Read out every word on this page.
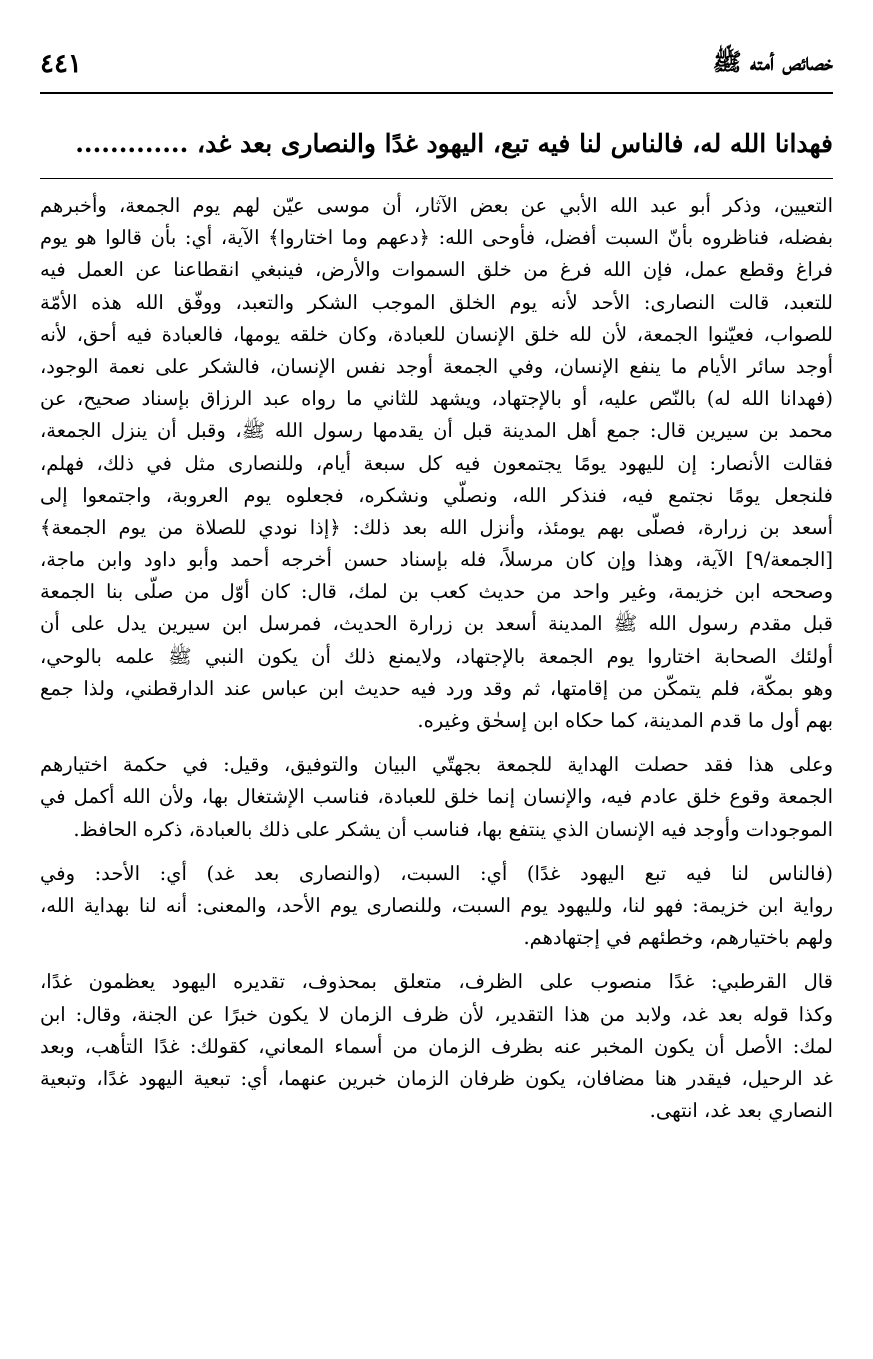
خصائص أمته ﷺ
٤٤١
فهدانا الله له، فالناس لنا فيه تبع، اليهود غدًا والنصارى بعد غد، .............
التعيين، وذكر أبو عبد الله الأبي عن بعض الآثار، أن موسى عيّن لهم يوم الجمعة، وأخبرهم
بفضله، فناظروه بأنّ السبت أفضل، فأوحى الله: ﴿دعهم وما اختاروا﴾ الآية، أي: بأن قالوا هو يوم
فراغ وقطع عمل، فإن الله فرغ من خلق السموات والأرض، فينبغي انقطاعنا عن العمل فيه
للتعبد، قالت النصارى: الأحد لأنه يوم الخلق الموجب الشكر والتعبد، ووفّق الله هذه الأمّة
للصواب، فعيّنوا الجمعة، لأن لله خلق الإنسان للعبادة، وكان خلقه يومها، فالعبادة فيه أحق، لأنه
أوجد سائر الأيام ما ينفع الإنسان، وفي الجمعة أوجد نفس الإنسان، فالشكر على نعمة الوجود،
(فهدانا الله له) بالنّص عليه، أو بالإجتهاد، ويشهد للثاني ما رواه عبد الرزاق بإسناد صحيح، عن
محمد بن سيرين قال: جمع أهل المدينة قبل أن يقدمها رسول الله ﷺ، وقبل أن ينزل الجمعة،
فقالت الأنصار: إن لليهود يومًا يجتمعون فيه كل سبعة أيام، وللنصارى مثل في ذلك، فهلم،
فلنجعل يومًا نجتمع فيه، فنذكر الله، ونصلّي ونشكره، فجعلوه يوم العروبة، واجتمعوا إلى
أسعد بن زرارة، فصلّى بهم يومئذ، وأنزل الله بعد ذلك: ﴿إذا نودي للصلاة من يوم الجمعة﴾
[الجمعة/٩] الآية، وهذا وإن كان مرسلاً، فله بإسناد حسن أخرجه أحمد وأبو داود وابن ماجة،
وصححه ابن خزيمة، وغير واحد من حديث كعب بن لمك، قال: كان أوّل من صلّى بنا الجمعة
قبل مقدم رسول الله ﷺ المدينة أسعد بن زرارة الحديث، فمرسل ابن سيرين يدل على أن
أولئك الصحابة اختاروا يوم الجمعة بالإجتهاد، ولايمنع ذلك أن يكون النبي ﷺ علمه بالوحي،
وهو بمكّة، فلم يتمكّن من إقامتها، ثم وقد ورد فيه حديث ابن عباس عند الدارقطني، ولذا جمع
بهم أول ما قدم المدينة، كما حكاه ابن إسحٰق وغيره.
وعلى هذا فقد حصلت الهداية للجمعة بجهتّي البيان والتوفيق، وقيل: في حكمة اختيارهم
الجمعة وقوع خلق عادم فيه، والإنسان إنما خلق للعبادة، فناسب الإشتغال بها، ولأن الله أكمل في
الموجودات وأوجد فيه الإنسان الذي ينتفع بها، فناسب أن يشكر على ذلك بالعبادة، ذكره الحافظ.
(فالناس لنا فيه تبع اليهود غدًا) أي: السبت، (والنصارى بعد غد) أي: الأحد: وفي
رواية ابن خزيمة: فهو لنا، ولليهود يوم السبت، وللنصارى يوم الأحد، والمعنى: أنه لنا بهداية الله،
ولهم باختيارهم، وخطئهم في إجتهادهم.
قال القرطبي: غدًا منصوب على الظرف، متعلق بمحذوف، تقديره اليهود يعظمون غدًا،
وكذا قوله بعد غد، ولابد من هذا التقدير، لأن ظرف الزمان لا يكون خبرًا عن الجنة، وقال: ابن
لمك: الأصل أن يكون المخبر عنه بظرف الزمان من أسماء المعاني، كقولك: غدًا التأهب، وبعد
غد الرحيل، فيقدر هنا مضافان، يكون ظرفان الزمان خبرين عنهما، أي: تبعية اليهود غدًا، وتبعية
النصاري بعد غد، انتهى.
